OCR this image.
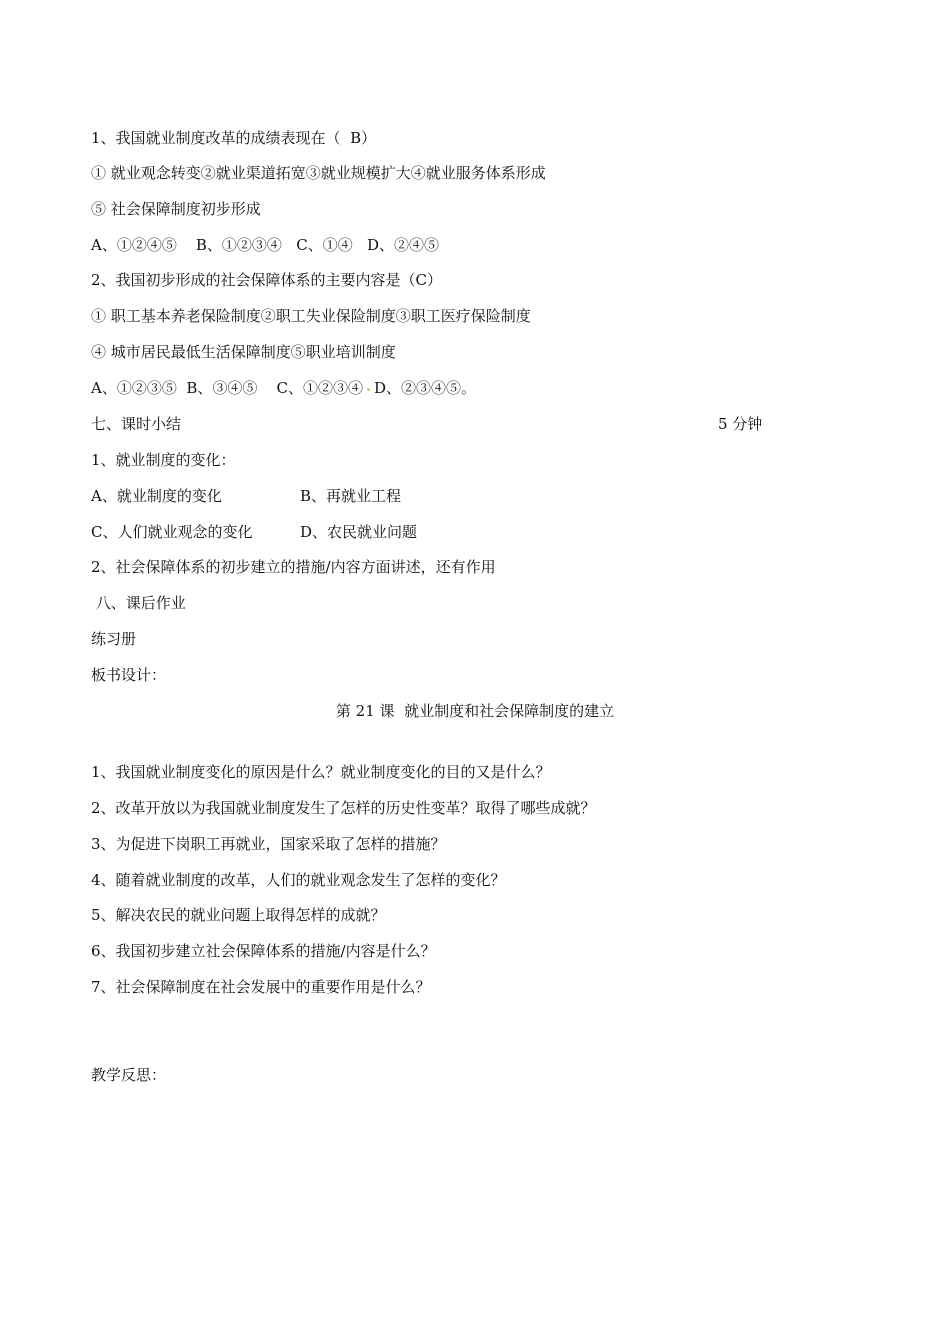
1、我国就业制度改革的成绩表现在（  B）
① 就业观念转变②就业渠道拓宽③就业规模扩大④就业服务体系形成
⑤ 社会保障制度初步形成
A、①②④⑤    B、①②③④   C、①④   D、②④⑤
2、我国初步形成的社会保障体系的主要内容是（C）
① 职工基本养老保险制度②职工失业保险制度③职工医疗保险制度
④ 城市居民最低生活保障制度⑤职业培训制度
A、①②③⑤  B、③④⑤    C、①②③④ D、②③④⑤。
七、课时小结	5 分钟
1、就业制度的变化：
A、就业制度的变化	B、再就业工程
C、人们就业观念的变化	D、农民就业问题
2、社会保障体系的初步建立的措施/内容方面讲述，还有作用
八、课后作业
练习册
板书设计：
第 21 课  就业制度和社会保障制度的建立
1、我国就业制度变化的原因是什么？就业制度变化的目的又是什么？
2、改革开放以为我国就业制度发生了怎样的历史性变革？取得了哪些成就？
3、为促进下岗职工再就业，国家采取了怎样的措施？
4、随着就业制度的改革，人们的就业观念发生了怎样的变化？
5、解决农民的就业问题上取得怎样的成就？
6、我国初步建立社会保障体系的措施/内容是什么？
7、社会保障制度在社会发展中的重要作用是什么？
教学反思：
